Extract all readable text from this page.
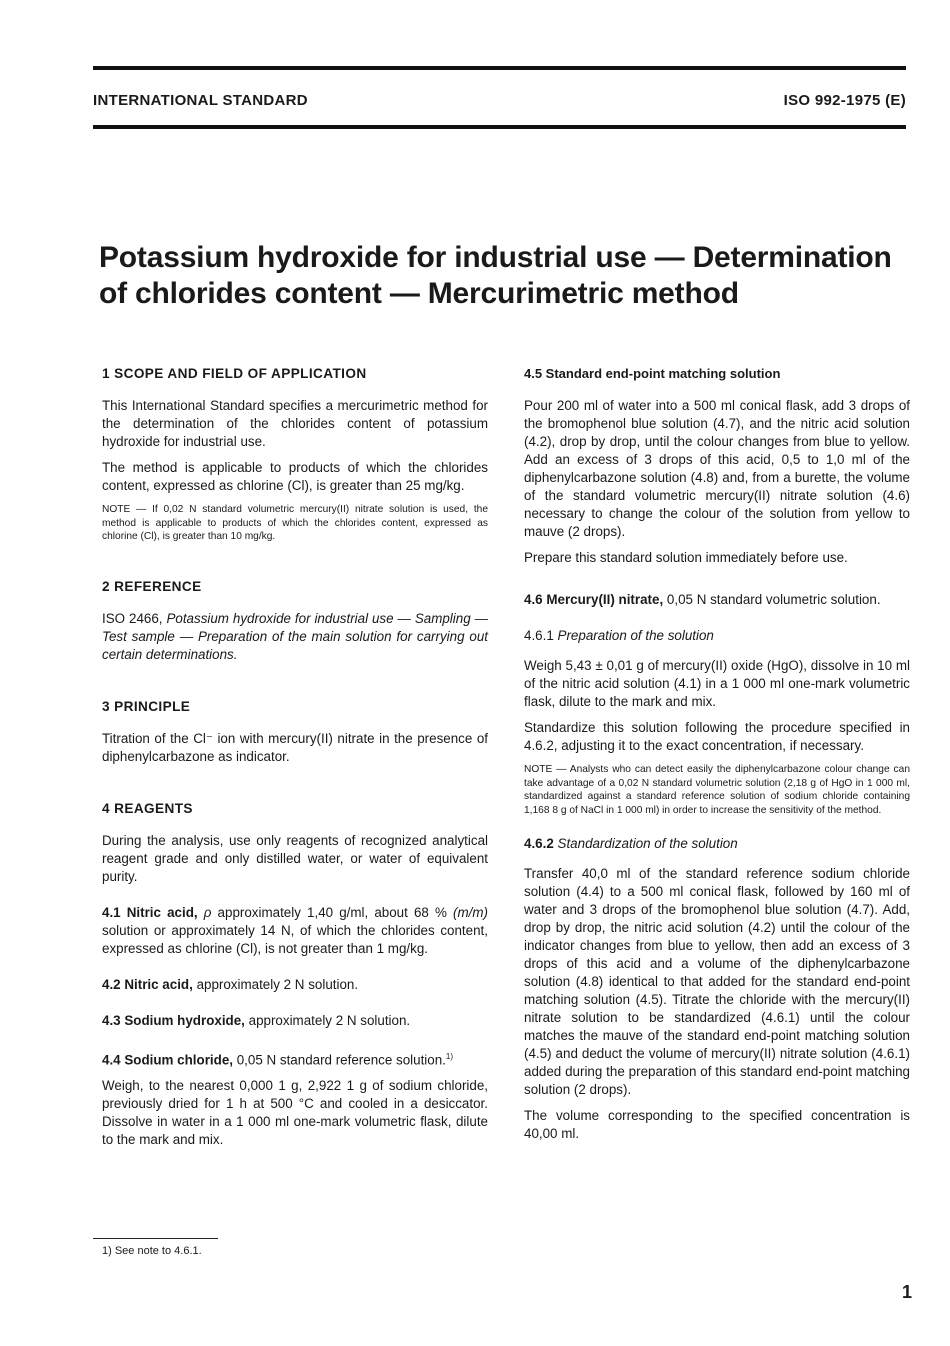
INTERNATIONAL STANDARD	ISO 992-1975 (E)
Potassium hydroxide for industrial use — Determination of chlorides content — Mercurimetric method
1 SCOPE AND FIELD OF APPLICATION

This International Standard specifies a mercurimetric method for the determination of the chlorides content of potassium hydroxide for industrial use.

The method is applicable to products of which the chlorides content, expressed as chlorine (Cl), is greater than 25 mg/kg.

NOTE — If 0,02 N standard volumetric mercury(II) nitrate solution is used, the method is applicable to products of which the chlorides content, expressed as chlorine (Cl), is greater than 10 mg/kg.
2 REFERENCE

ISO 2466, Potassium hydroxide for industrial use — Sampling — Test sample — Preparation of the main solution for carrying out certain determinations.

3 PRINCIPLE

Titration of the Cl⁻ ion with mercury(II) nitrate in the presence of diphenylcarbazone as indicator.

4 REAGENTS

During the analysis, use only reagents of recognized analytical reagent grade and only distilled water, or water of equivalent purity.

4.1 Nitric acid, ρ approximately 1,40 g/ml, about 68 % (m/m) solution or approximately 14 N, of which the chlorides content, expressed as chlorine (Cl), is not greater than 1 mg/kg.

4.2 Nitric acid, approximately 2 N solution.

4.3 Sodium hydroxide, approximately 2 N solution.

4.4 Sodium chloride, 0,05 N standard reference solution.$^{1)}$

Weigh, to the nearest 0,000 1 g, 2,922 1 g of sodium chloride, previously dried for 1 h at 500 °C and cooled in a desiccator. Dissolve in water in a 1 000 ml one-mark volumetric flask, dilute to the mark and mix.

4.5 Standard end-point matching solution

Pour 200 ml of water into a 500 ml conical flask, add 3 drops of the bromophenol blue solution (4.7), and the nitric acid solution (4.2), drop by drop, until the colour changes from blue to yellow. Add an excess of 3 drops of this acid, 0,5 to 1,0 ml of the diphenylcarbazone solution (4.8) and, from a burette, the volume of the standard volumetric mercury(II) nitrate solution (4.6) necessary to change the colour of the solution from yellow to mauve (2 drops).

Prepare this standard solution immediately before use.

4.6 Mercury(II) nitrate, 0,05 N standard volumetric solution.

4.6.1 Preparation of the solution

Weigh 5,43 ± 0,01 g of mercury(II) oxide (HgO), dissolve in 10 ml of the nitric acid solution (4.1) in a 1 000 ml one-mark volumetric flask, dilute to the mark and mix.

Standardize this solution following the procedure specified in 4.6.2, adjusting it to the exact concentration, if necessary.

NOTE — Analysts who can detect easily the diphenylcarbazone colour change can take advantage of a 0,02 N standard volumetric solution (2,18 g of HgO in 1 000 ml, standardized against a standard reference solution of sodium chloride containing 1,168 8 g of NaCl in 1 000 ml) in order to increase the sensitivity of the method.
4.6.2 Standardization of the solution

Transfer 40,0 ml of the standard reference sodium chloride solution (4.4) to a 500 ml conical flask, followed by 160 ml of water and 3 drops of the bromophenol blue solution (4.7). Add, drop by drop, the nitric acid solution (4.2) until the colour of the indicator changes from blue to yellow, then add an excess of 3 drops of this acid and a volume of the diphenylcarbazone solution (4.8) identical to that added for the standard end-point matching solution (4.5). Titrate the chloride with the mercury(II) nitrate solution to be standardized (4.6.1) until the colour matches the mauve of the standard end-point matching solution (4.5) and deduct the volume of mercury(II) nitrate solution (4.6.1) added during the preparation of this standard end-point matching solution (2 drops).

The volume corresponding to the specified concentration is 40,00 ml.

1) See note to 4.6.1.
1
